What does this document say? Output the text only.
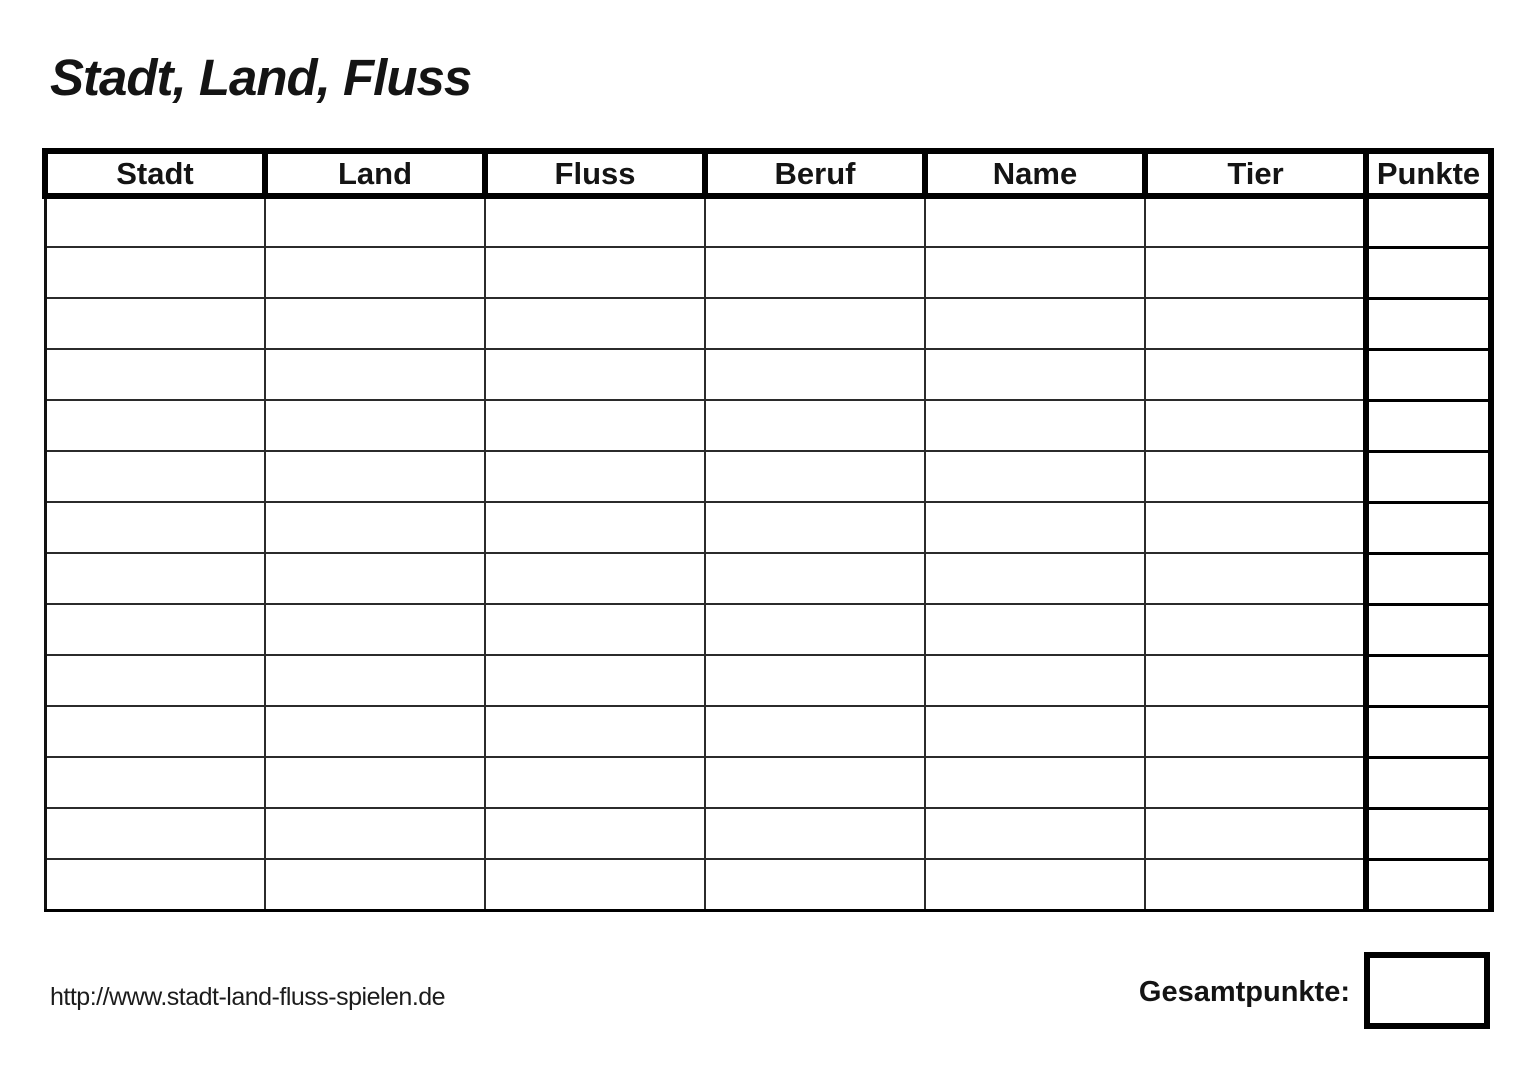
Stadt, Land, Fluss
Stadt	Land	Fluss	Beruf	Name	Tier	Punkte

http://www.stadt-land-fluss-spielen.de	Gesamtpunkte:
